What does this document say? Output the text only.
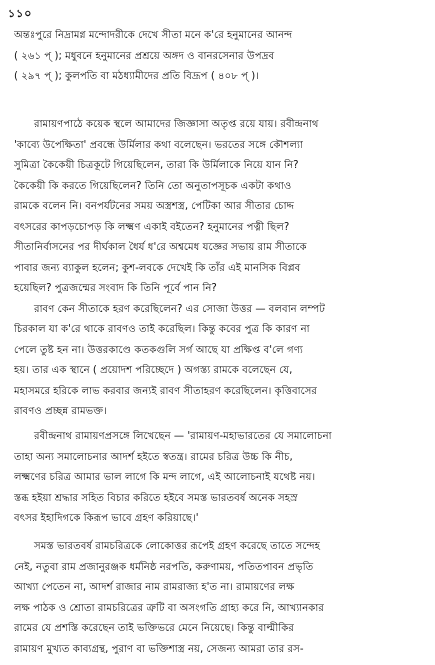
১১০
অন্তঃপুরে নিদ্রামগ্ন মন্দোদরীকে দেখে সীতা মনে ক'রে হনুমানের আনন্দ
( ২৬১ প্‌ ); মধুবনে হনুমানের প্রশ্রয়ে অঙ্গদ ও বানরসেনার উপদ্রব
( ২৯৭ প্‌ ); কুলপতি বা মঠধ্যামীদের প্রতি বিদ্রূপ ( ৪০৮ প্‌ )।
রামায়ণপাঠে কয়েক স্থলে আমাদের জিজ্ঞাসা অতৃপ্ত রয়ে যায়। রবীন্দ্রনাথ
'কাব্যে উপেক্ষিতা' প্রবন্ধে উর্মিলার কথা বলেছেন। ভরতের সঙ্গে কৌশল্যা
সুমিত্রা কৈকেয়ী চিত্রকূটে গিয়েছিলেন, তারা কি উর্মিলাকে নিয়ে যান নি?
কৈকেয়ী কি করতে গিয়েছিলেন? তিনি তো অনুতাপসূচক একটা কথাও
রামকে বলেন নি। বনপর্যটনের সময় অস্ত্রশস্ত্র, পেটিকা আর সীতার চোদ্দ
বৎসরের কাপড়চোপড় কি লক্ষ্মণ একাই বইতেন? হনুমানের পত্নী ছিল?
সীতানির্বাসনের পর দীর্ঘকাল ধৈর্য ধ'রে অশ্বমেধ যজ্ঞের সভায় রাম সীতাকে
পাবার জন্য ব্যাকুল হলেন; কুশ-লবকে দেখেই কি তাঁর এই মানসিক বিপ্লব
হয়েছিল? পুত্রজন্মের সংবাদ কি তিনি পূর্বে পান নি?
রাবণ কেন সীতাকে হরণ করেছিলেন? এর সোজা উত্তর — বলবান লম্পট
চিরকাল যা ক'রে থাকে রাবণও তাই করেছিল। কিন্তু কবের পুত্র কি কারণ না
পেলে তুষ্ট হন না। উত্তরকাণ্ডে কতকগুলি সর্গ আছে যা প্রক্ষিপ্ত ব'লে গণ্য
হয়। তার এক স্থানে ( প্রয়োদশ পরিচ্ছেদে ) অগস্ত্য রামকে বলেছেন যে,
মহাসমরে হরিকে লাভ করবার জন্যই রাবণ সীতাহরণ করেছিলেন। কৃত্তিবাসের
রাবণও প্রচ্ছন্ন রামভক্ত।
রবীন্দ্রনাথ রামায়ণপ্রসঙ্গে লিখেছেন — 'রামায়ণ-মহাভারতের যে সমালোচনা
তাহা অন্য সমালোচনার আদর্শ হইতে স্বতন্ত্র। রামের চরিত্র উচ্চ কি নীচ,
লক্ষ্মণের চরিত্র আমার ভাল লাগে কি মন্দ লাগে, এই আলোচনাই যথেষ্ট নয়।
স্তব্ধ হইয়া শ্রদ্ধার সহিত বিচার করিতে হইবে সমস্ত ভারতবর্ষ অনেক সহস্র
বৎসর ইহাদিগকে কিরূপ ভাবে গ্রহণ করিয়াছে।'
সমস্ত ভারতবর্ষ রামচরিত্রকে লোকোত্তর রূপেই গ্রহণ করেছে তাতে সন্দেহ
নেই, নতুবা রাম প্রজানুরঞ্জক ধর্মনিষ্ঠ নরপতি, করুণাময়, পতিতপাবন প্রভৃতি
আখ্যা পেতেন না, আদর্শ রাজার নাম রামরাজ্য হ'ত না। রামায়ণের লক্ষ
লক্ষ পাঠক ও শ্রোতা রামচরিত্রের ত্রুটি বা অসংগতি গ্রাহ্য করে নি, আখ্যানকার
রামের যে প্রশস্তি করেছেন তাই ভক্তিভরে মেনে নিয়েছে। কিন্তু বাল্মীকির
রামায়ণ মুখ্যত কাব্যগ্রন্থ, পুরাণ বা ভক্তিশাস্ত্র নয়, সেজন্য আমরা তার রস-
